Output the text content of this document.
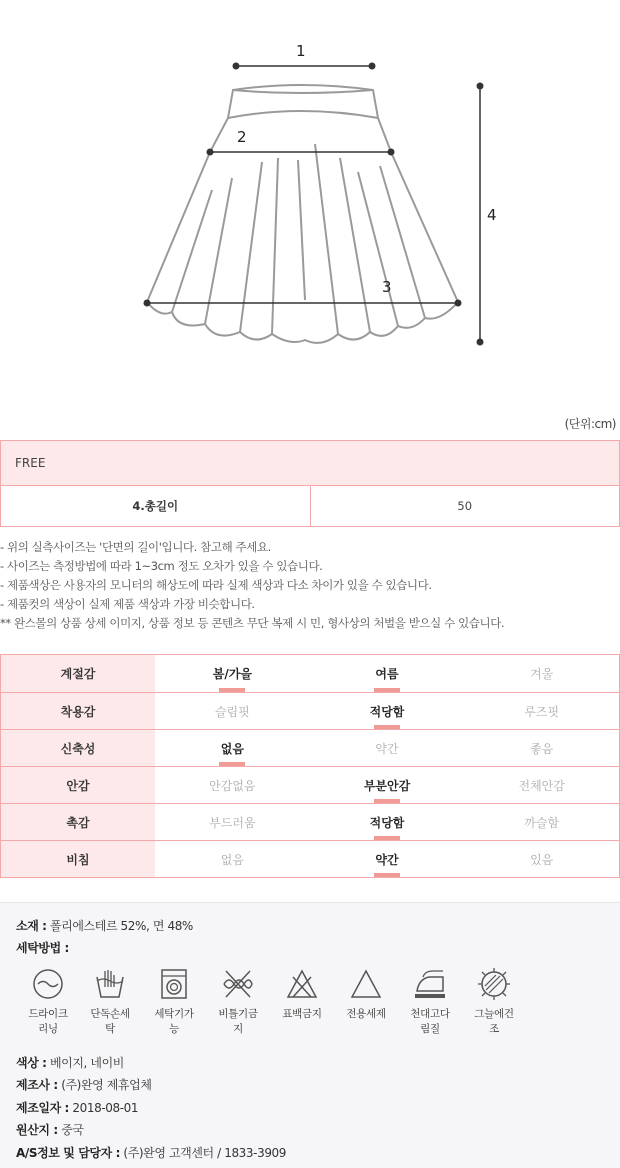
1
2
3
4
(단위:cm)
FREE
4.총길이	50

- 위의 실측사이즈는 '단면의 길이'입니다. 참고해 주세요.

- 사이즈는 측정방법에 따라 1~3cm 정도 오차가 있을 수 있습니다.

- 제품색상은 사용자의 모니터의 해상도에 따라 실제 색상과 다소 차이가 있을 수 있습니다.

- 제품컷의 색상이 실제 제품 색상과 가장 비슷합니다.

** 완스몰의 상품 상세 이미지, 상품 정보 등 콘텐츠 무단 복제 시 민, 형사상의 처벌을 받으실 수 있습니다.

계절감	봄/가을	여름	겨울
착용감	슬림핏	적당함	루즈핏
신축성	없음	약간	좋음
안감	안감없음	부분안감	전체안감
촉감	부드러움	적당함	까슬함
비침	없음	약간	있음
소재 : 폴리에스테르 52%, 면 48%
세탁방법 :
드라이크
리닝
단독손세
탁
세탁기가
능
비틀기금
지
표백금지	전용세제	천대고다
림질
그늘에건
조
색상 : 베이지, 네이비
제조사 : (주)완영 제휴업체
제조일자 : 2018-08-01
원산지 : 중국
A/S정보 및 담당자 : (주)완영 고객센터 / 1833-3909
